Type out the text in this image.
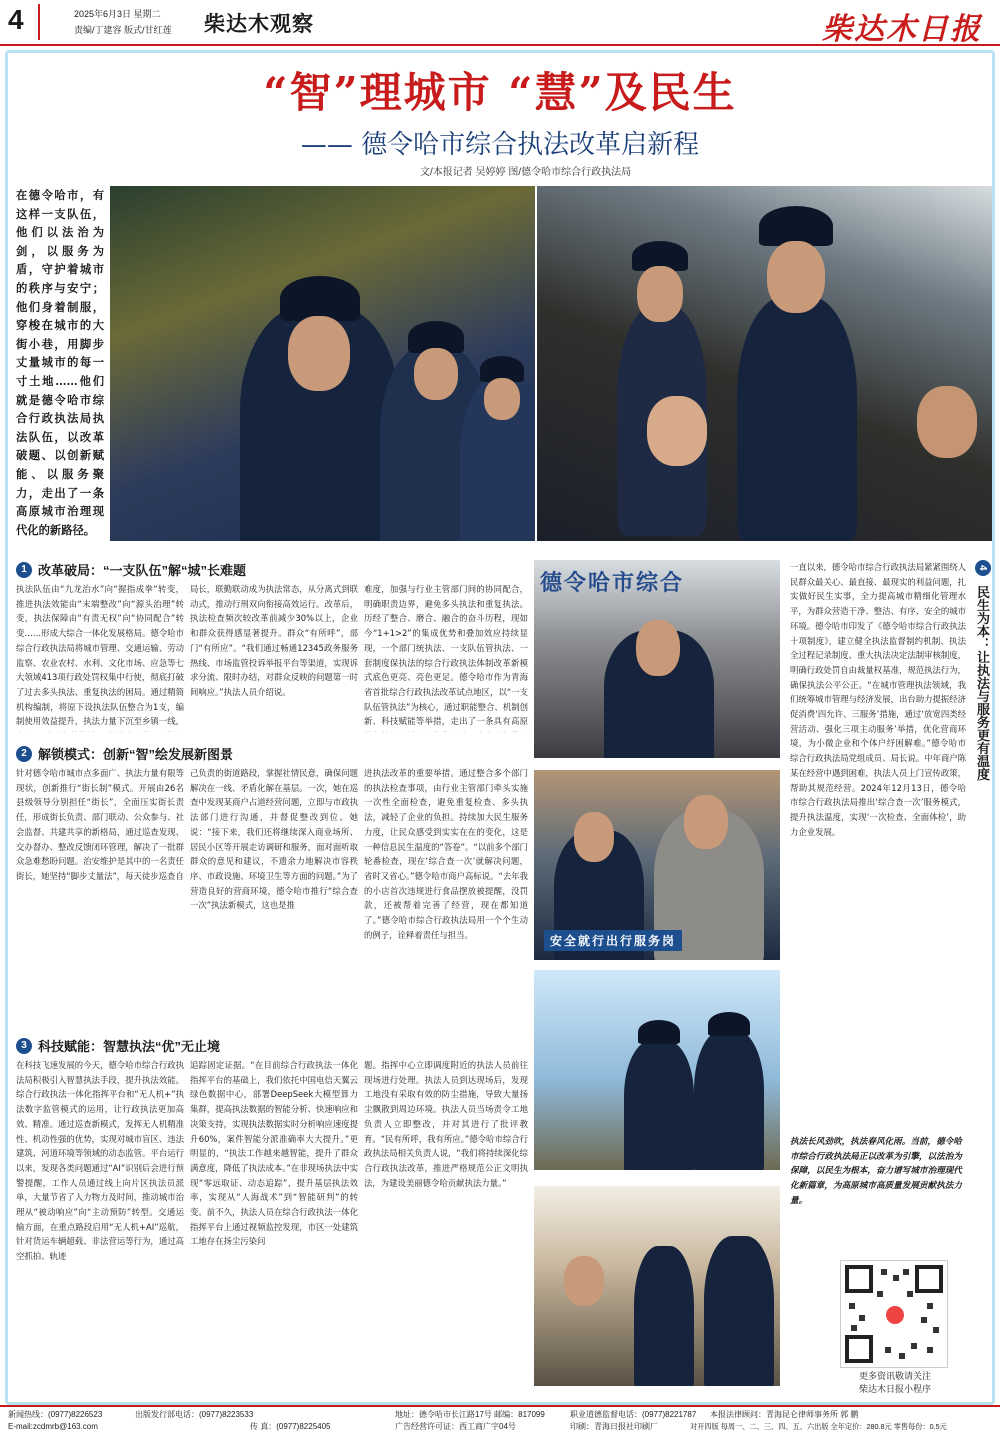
4	2025年6月3日 星期二
责编/丁建容 版式/甘红莲 柴达木观察	柴达木日报
“智”理城市 “慧”及民生
—— 德令哈市综合执法改革启新程
文/本报记者 吴婷婷 图/德令哈市综合行政执法局
在德令哈市，有这样一支队伍，他们以法治为剑，以服务为盾，守护着城市的秩序与安宁；他们身着制服，穿梭在城市的大街小巷，用脚步丈量城市的每一寸土地……他们就是德令哈市综合行政执法局执法队伍，以改革破题、以创新赋能、以服务聚力，走出了一条高原城市治理现代化的新路径。
1 改革破局：“一支队伍”解“城”长难题
执法队伍由“九龙治水”向“握指成拳”转变，推进执法效能由“末端整改”向“源头治理”转变，执法保障由“有责无权”向“协同配合”转变……形成大综合一体化发展格局。德令哈市综合行政执法局将城市管理、交通运输、劳动监察、农业农村、水利、文化市场、应急等七大领域413项行政处罚权集中行使，彻底打破了过去多头执法、重复执法的困局。通过精简机构编制，将原下设执法队伍整合为1支，编制使用效益提升，执法力量下沉至乡镇一线，
局长，联勤联动成为执法常态，从分离式到联动式，推动行刑双向衔接高效运行。改革后，执法检查频次较改革前减少30%以上，企业和群众获得感显著提升。群众“有所呼”，部门“有所应”。“我们通过畅通12345政务服务热线、市场监管投诉举报平台等渠道，实现诉求分流、限时办结，对群众反映的问题第一时间响应。”执法人员介绍说。
难度，加强与行业主管部门间的协同配合，明确职责边界，避免多头执法和重复执法。历经了整合、磨合、融合的奋斗历程，现如今“1+1>2”的集成优势和叠加效应持续显现，一个部门统执法、一支队伍管执法、一套制度保执法的综合行政执法体制改革新模式底色更亮、亮色更足。德令哈市作为青海省首批综合行政执法改革试点地区，以“一支队伍管执法”为核心，通过职能整合、机制创新、科技赋能等举措，走出了一条具有高原
2 解锁模式：创新“智”绘发展新图景
针对德令哈市城市点多面广、执法力量有限等现状，创新推行“街长制”模式。开展由26名县级领导分别担任“街长”，全面压实街长责任，形成街长负责、部门联动、公众参与、社会监督、共建共享的新格局，通过巡查发现、交办督办、整改反馈闭环管理，解决了一批群众急难愁盼问题。治安维护是其中的一名责任街长，她坚持“脚步丈量法”，每天徒步巡查自
己负责的街道路段，掌握社情民意，确保问题解决在一线、矛盾化解在基层。一次，她在巡查中发现某商户占道经营问题，立即与市政执法部门进行沟通，并督促整改到位。她说：“接下来，我们还将继续深入商业场所、居民小区等开展走访调研和服务，面对面听取群众的意见和建议，不遗余力地解决市容秩序、市政设施、环境卫生等方面的问题。”为了营造良好的营商环境，德令哈市推行“综合查一次”执法新模式，这也是推
进执法改革的重要举措。通过整合多个部门的执法检查事项，由行业主管部门牵头实施一次性全面检查，避免重复检查、多头执法，减轻了企业的负担。持续加大民生服务力度，让民众感受到实实在在的变化，这是一种信息民生温度的“答卷”。“以前多个部门轮番检查，现在‘综合查一次’就解决问题，省时又省心。”德令哈市商户高标说。“去年我的小店首次违规进行食品摆放被提醒，没罚款，还被帮着完善了经营，现在都知道了。”德令哈市综合行政执法局用一个个生动的例子，诠释着责任与担当。
3 科技赋能：智慧执法“优”无止境
在科技飞速发展的今天，德令哈市综合行政执法局积极引入智慧执法手段，提升执法效能。综合行政执法一体化指挥平台和“无人机+”执法数字监管模式的运用，让行政执法更加高效、精准。通过巡查新模式，发挥无人机精准性、机动性强的优势，实现对城市盲区、违法建筑、河道环境等领域的动态监管。平台运行以来，发现各类问题通过“AI”识别后会进行预警提醒，工作人员通过线上向片区执法员派单，大量节省了人力物力及时间，推动城市治理从“被动响应”向“主动预防”转型。交通运输方面，在重点路段启用“无人机+AI”巡航，针对货运车辆超载、非法营运等行为，通过高空抓拍、轨迹
追踪固定证据。“在目前综合行政执法一体化指挥平台的基础上，我们依托中国电信天翼云绿色数据中心，部署DeepSeek大模型算力集群，提高执法数据的智能分析、快速响应和决策支持，实现执法数据实时分析响应速度提升60%，案件智能分派准确率大大提升。”更明显的，“执法工作越来越智能，提升了群众满意度，降低了执法成本。”在非现场执法中实现“零远取证、动态追踪”，提升基层执法效率，实现从“人海战术”到“智能研判”的转变。前不久，执法人员在综合行政执法一体化指挥平台上通过视频监控发现，市区一处建筑工地存在扬尘污染问
题。指挥中心立即调度附近的执法人员前往现场进行处理。执法人员到达现场后，发现工地没有采取有效的防尘措施，导致大量扬尘飘散到周边环境。执法人员当场责令工地负责人立即整改，并对其进行了批评教育。“民有所呼，我有所应。”德令哈市综合行政执法局相关负责人说，“我们将持续深化综合行政执法改革，推进严格规范公正文明执法，为建设美丽德令哈贡献执法力量。”
德令哈市综合
安全就行出行服务岗
4 民生为本：让执法与服务更有温度
一直以来，德令哈市综合行政执法局紧紧围绕人民群众最关心、最直接、最现实的利益问题，扎实做好民生实事，全力提高城市精细化管理水平，为群众营造干净、整洁、有序、安全的城市环境。德令哈市印发了《德令哈市综合行政执法十项制度》，建立健全执法监督制约机制、执法全过程记录制度、重大执法决定法制审核制度，明确行政处罚自由裁量权基准，规范执法行为，确保执法公平公正。“在城市管理执法领域，我们统筹城市管理与经济发展，出台助力提振经济促消费‘四允许、三服务’措施，通过‘放宽四类经营活动、强化三项主动服务’举措，优化营商环境，为小微企业和个体户纾困解难。”德令哈市综合行政执法局党组成员、局长说。中年商户陈某在经营中遇到困难，执法人员上门宣传政策，帮助其规范经营。2024年12月13日，德令哈市综合行政执法局推出‘综合查一次’服务模式，提升执法温度，实现‘一次检查、全面体检’，助力企业发展。
执法长风劲吹，执法春风化雨。当前，德令哈市综合行政执法局正以改革为引擎，以法治为保障，以民生为根本，奋力谱写城市治理现代化新篇章，为高原城市高质量发展贡献执法力量。
更多资讯敬请关注
柴达木日报小程序
新闻热线：(0977)8226523
E-mail:zcdmrb@163.com
出版发行部电话：(0977)8223533
传 真：(0977)8225405
地址：德令哈市长江路17号 邮编：817099
广告经营许可证：西工商广字04号
职业道德监督电话：(0977)8221787
印刷：青海日报社印刷厂
本报法律顾问：青海昆仑律师事务所 郭 鹏
对开四版 每周一、二、三、四、五、六出版 全年定价：280.8元 零售每份：0.5元
